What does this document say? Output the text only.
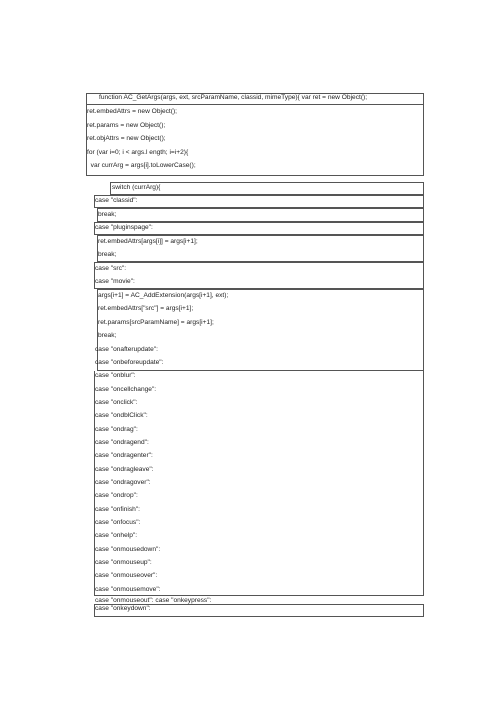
function AC_GetArgs(args, ext, srcParamName, classid, mimeType){ var ret = new Object();
ret.embedAttrs = new Object();
ret.params = new Object();
ret.objAttrs = new Object();
for (var i=0; i < args.l ength; i=i+2){
var currArg = args[i].toLowerCase();
switch (currArg){
case "classid":
break;
case "pluginspage":
ret.embedAttrs[args[i]] = args[i+1];
break;
case "src":
case "movie":
args[i+1] = AC_AddExtension(args[i+1], ext);
ret.embedAttrs["src"] = args[i+1];
ret.params[srcParamName] = args[i+1];
break;
case "onafterupdate":
case "onbeforeupdate":
case "onblur":
case "oncellchange":
case "onclick":
case "ondblClick":
case "ondrag":
case "ondragend":
case "ondragenter":
case "ondragleave":
case "ondragover":
case "ondrop":
case "onfinish":
case "onfocus":
case "onhelp":
case "onmousedown":
case "onmouseup":
case "onmouseover":
case "onmousemove":
case "onmouseout": case "onkeypress":
case "onkeydown":
